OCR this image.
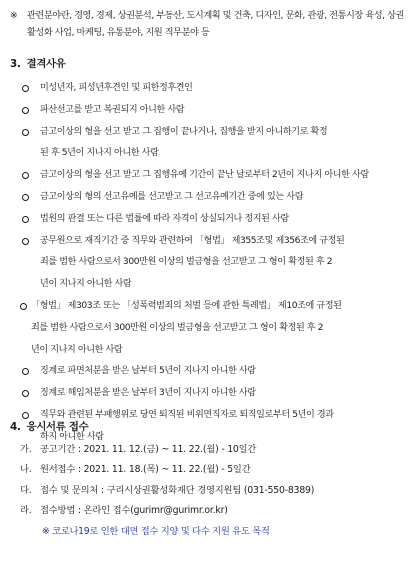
※ 관련분야란, 경영, 경제, 상권분석, 부동산, 도시계획 및 건축, 디자인, 문화, 관광, 전통시장 육성, 상권활성화 사업, 마케팅, 유통분야, 지원 직무분야 등
3. 결격사유
미성년자, 피성년후견인 및 피한정후견인
파산선고를 받고 복권되지 아니한 사람
금고이상의 형을 선고 받고 그 집행이 끝나거나, 집행을 받지 아니하기로 확정
된 후 5년이 지나지 아니한 사람
금고이상의 형을 선고 받고 그 집행유예 기간이 끝난 날로부터 2년이 지나지 아니한 사람
금고이상의 형의 선고유예를 선고받고 그 선고유예기간 중에 있는 사람
법원의 판결 또는 다른 법률에 따라 자격이 상실되거나 정지된 사람
공무원으로 재직기간 중 직무와 관련하여 「형법」 제355조및 제356조에 규정된
죄를 범한 사람으로서 300만원 이상의 벌금형을 선고받고 그 형이 확정된 후 2
년이 지나지 아니한 사람
「형법」 제303조 또는 「성폭력범죄의 처벌 등에 관한 특례법」 제10조에 규정된
죄를 범한 사람으로서 300만원 이상의 벌금형을 선고받고 그 형이 확정된 후 2
년이 지나지 아니한 사람
징계로 파면처분을 받은 날부터 5년이 지나지 아니한 사람
징계로 해임처분을 받은 날부터 3년이 지나지 아니한 사람
직무와 관련된 부패행위로 당연 퇴직된 비위면직자로 퇴직일로부터 5년이 경과
하지 아니한 사람
4. 응시서류 접수
가. 공고기간 : 2021. 11. 12.(금) ~ 11. 22.(월) - 10일간
나. 원서접수 : 2021. 11. 18.(목) ~ 11. 22.(월) - 5일간
다. 접수 및 문의처 : 구리시상권활성화재단 경영지원팀 (031-550-8389)
라. 접수방법 : 온라인 접수(gurimr@gurimr.or.kr)
※ 코로나19로 인한 대면 접수 지양 및 다수 지원 유도 목적
